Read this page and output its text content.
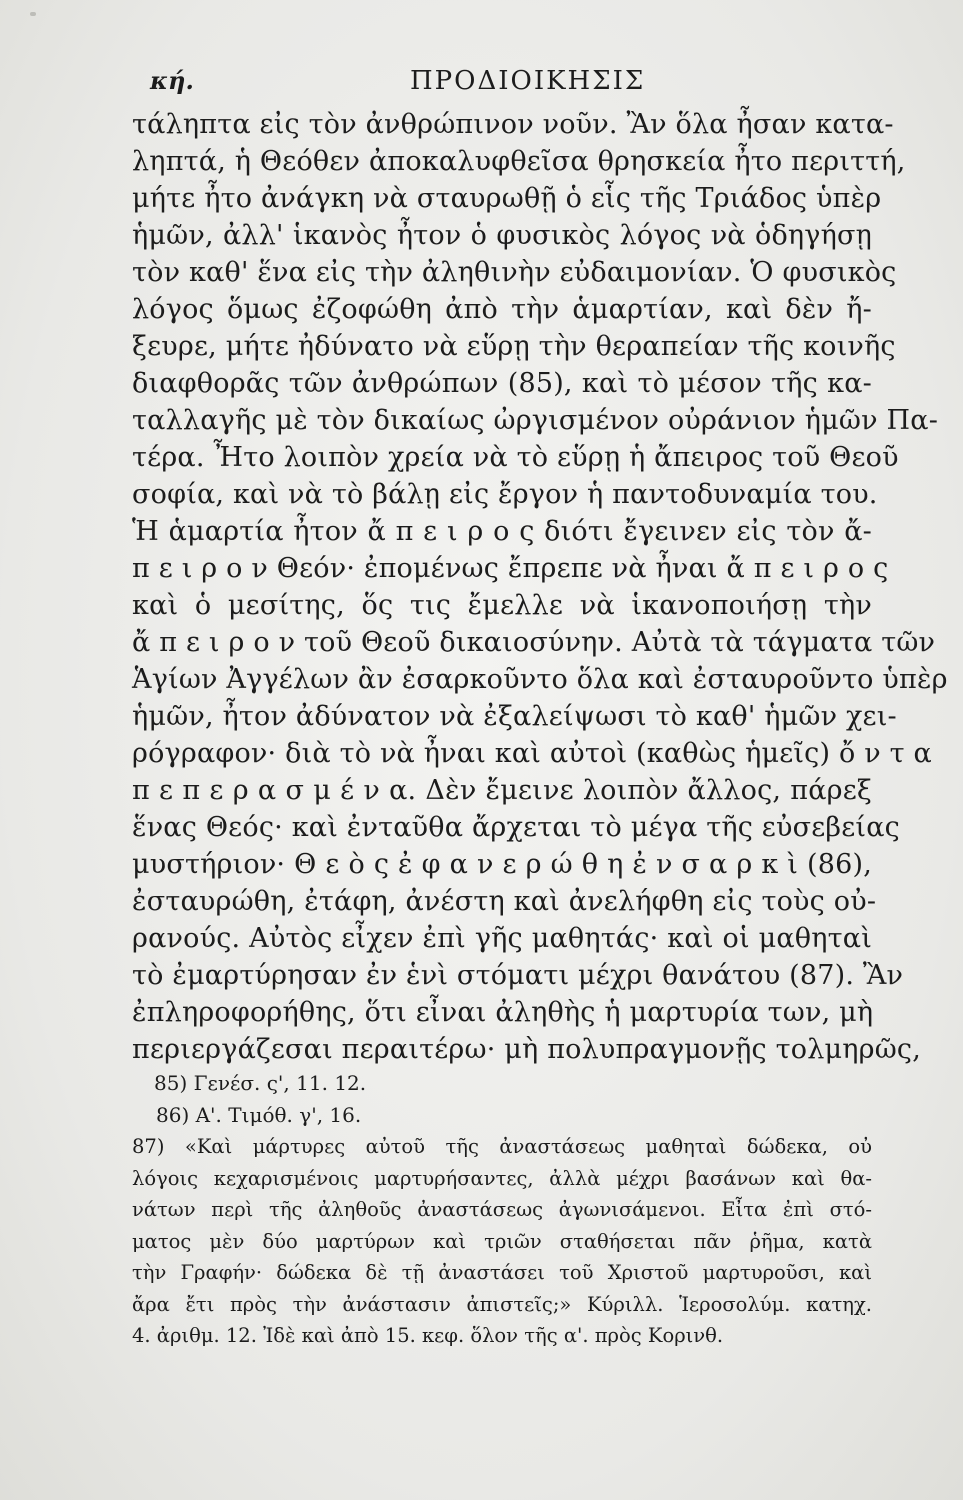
κή.	ΠΡΟΔΙΟΙΚΗΣΙΣ
τάληπτα εἰς τὸν ἀνθρώπινον νοῦν. Ἂν ὅλα ἦσαν κατα-
ληπτά, ἡ Θεόθεν ἀποκαλυφθεῖσα θρησκεία ἦτο περιττή,
μήτε ἦτο ἀνάγκη νὰ σταυρωθῇ ὁ εἷς τῆς Τριάδος ὑπὲρ
ἡμῶν, ἀλλ' ἱκανὸς ἦτον ὁ φυσικὸς λόγος νὰ ὁδηγήσῃ
τὸν καθ' ἕνα εἰς τὴν ἀληθινὴν εὐδαιμονίαν. Ὁ φυσικὸς
λόγος ὅμως ἐζοφώθη ἀπὸ τὴν ἁμαρτίαν, καὶ δὲν ἤ-
ξευρε, μήτε ἠδύνατο νὰ εὕρῃ τὴν θεραπείαν τῆς κοινῆς
διαφθορᾶς τῶν ἀνθρώπων (85), καὶ τὸ μέσον τῆς κα-
ταλλαγῆς μὲ τὸν δικαίως ὠργισμένον οὐράνιον ἡμῶν Πα-
τέρα. Ἦτο λοιπὸν χρεία νὰ τὸ εὕρῃ ἡ ἄπειρος τοῦ Θεοῦ
σοφία, καὶ νὰ τὸ βάλῃ εἰς ἔργον ἡ παντοδυναμία του.
Ἡ ἁμαρτία ἦτον ἄ π ε ι ρ ο ς διότι ἔγεινεν εἰς τὸν ἄ-
π ε ι ρ ο ν Θεόν· ἐπομένως ἔπρεπε νὰ ἦναι ἄ π ε ι ρ ο ς
καὶ ὁ μεσίτης, ὅς τις ἔμελλε νὰ ἱκανοποιήσῃ τὴν
ἄ π ε ι ρ ο ν τοῦ Θεοῦ δικαιοσύνην. Αὐτὰ τὰ τάγματα τῶν
Ἁγίων Ἀγγέλων ἂν ἐσαρκοῦντο ὅλα καὶ ἐσταυροῦντο ὑπὲρ
ἡμῶν, ἦτον ἀδύνατον νὰ ἐξαλείψωσι τὸ καθ' ἡμῶν χει-
ρόγραφον· διὰ τὸ νὰ ἦναι καὶ αὐτοὶ (καθὼς ἡμεῖς) ὄ ν τ α
π ε π ε ρ α σ μ έ ν α. Δὲν ἔμεινε λοιπὸν ἄλλος, πάρεξ
ἕνας Θεός· καὶ ἐνταῦθα ἄρχεται τὸ μέγα τῆς εὐσεβείας
μυστήριον· Θ ε ὸ ς ἐ φ α ν ε ρ ώ θ η ἐ ν σ α ρ κ ὶ (86),
ἐσταυρώθη, ἐτάφη, ἀνέστη καὶ ἀνελήφθη εἰς τοὺς οὐ-
ρανούς. Αὐτὸς εἶχεν ἐπὶ γῆς μαθητάς· καὶ οἱ μαθηταὶ
τὸ ἐμαρτύρησαν ἐν ἑνὶ στόματι μέχρι θανάτου (87). Ἂν
ἐπληροφορήθης, ὅτι εἶναι ἀληθὴς ἡ μαρτυρία των, μὴ
περιεργάζεσαι περαιτέρω· μὴ πολυπραγμονῇς τολμηρῶς,
85) Γενέσ. ς', 11. 12.
86) Α'. Τιμόθ. γ', 16.
87) «Καὶ μάρτυρες αὐτοῦ τῆς ἀναστάσεως μαθηταὶ δώδεκα, οὐ
λόγοις κεχαρισμένοις μαρτυρήσαντες, ἀλλὰ μέχρι βασάνων καὶ θα-
νάτων περὶ τῆς ἀληθοῦς ἀναστάσεως ἀγωνισάμενοι. Εἶτα ἐπὶ στό-
ματος μὲν δύο μαρτύρων καὶ τριῶν σταθήσεται πᾶν ῥῆμα, κατὰ
τὴν Γραφήν· δώδεκα δὲ τῇ ἀναστάσει τοῦ Χριστοῦ μαρτυροῦσι, καὶ
ἄρα ἔτι πρὸς τὴν ἀνάστασιν ἀπιστεῖς;» Κύριλλ. Ἱεροσολύμ. κατηχ.
4. ἀριθμ. 12. Ἰδὲ καὶ ἀπὸ 15. κεφ. ὅλον τῆς α'. πρὸς Κορινθ.
